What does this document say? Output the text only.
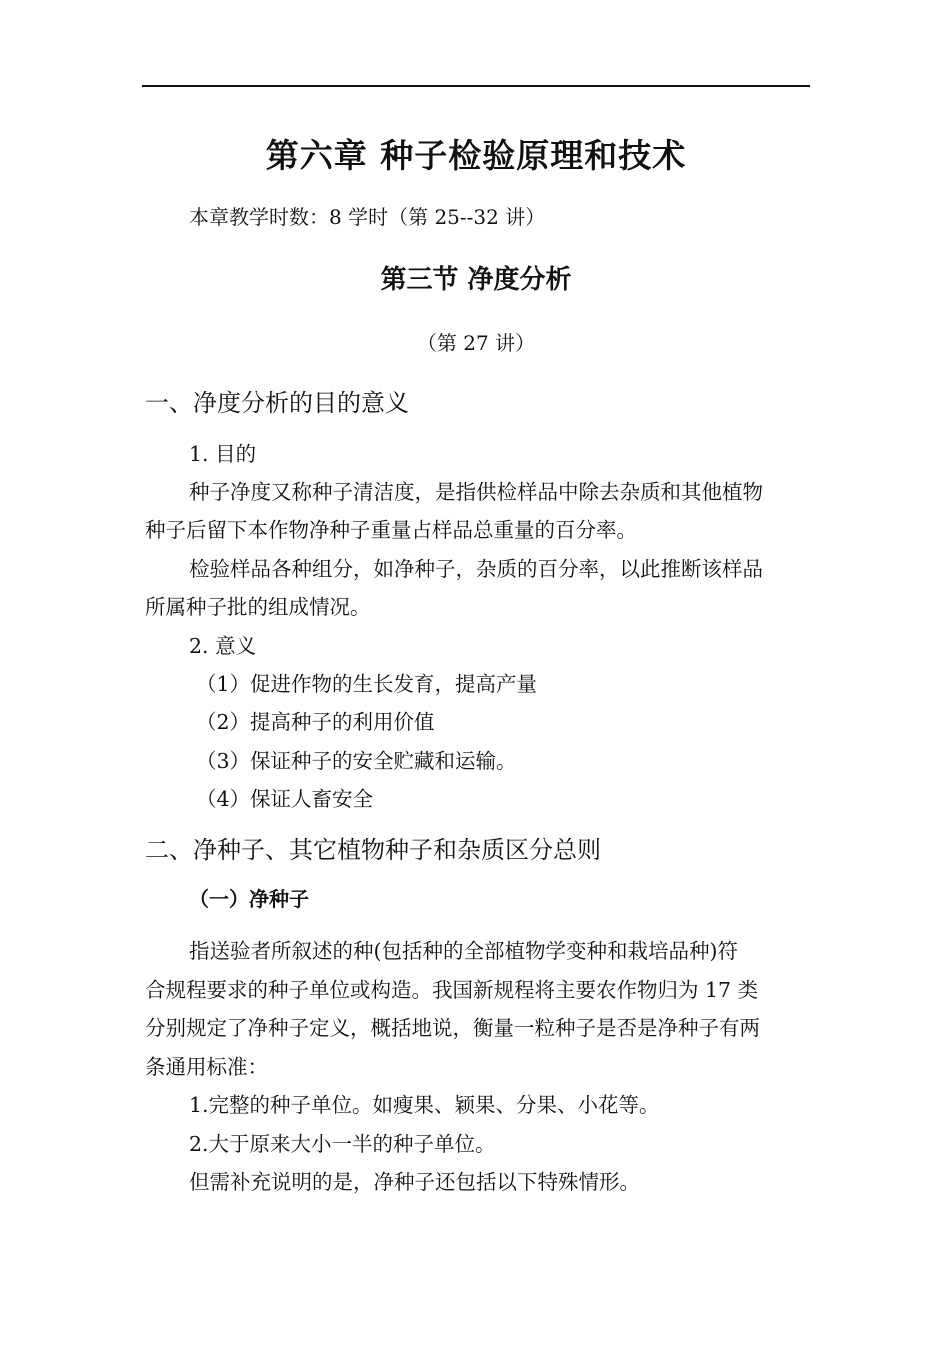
第六章 种子检验原理和技术
本章教学时数：8 学时（第 25--32 讲）
第三节 净度分析
（第 27 讲）
一、净度分析的目的意义
1. 目的
种子净度又称种子清洁度，是指供检样品中除去杂质和其他植物
种子后留下本作物净种子重量占样品总重量的百分率。
检验样品各种组分，如净种子，杂质的百分率，以此推断该样品
所属种子批的组成情况。
2. 意义
（1）促进作物的生长发育，提高产量
（2）提高种子的利用价值
（3）保证种子的安全贮藏和运输。
（4）保证人畜安全
二、净种子、其它植物种子和杂质区分总则
（一）净种子
指送验者所叙述的种(包括种的全部植物学变种和栽培品种)符
合规程要求的种子单位或构造。我国新规程将主要农作物归为 17 类
分别规定了净种子定义，概括地说，衡量一粒种子是否是净种子有两
条通用标准：
1.完整的种子单位。如瘦果、颖果、分果、小花等。
2.大于原来大小一半的种子单位。
但需补充说明的是，净种子还包括以下特殊情形。
